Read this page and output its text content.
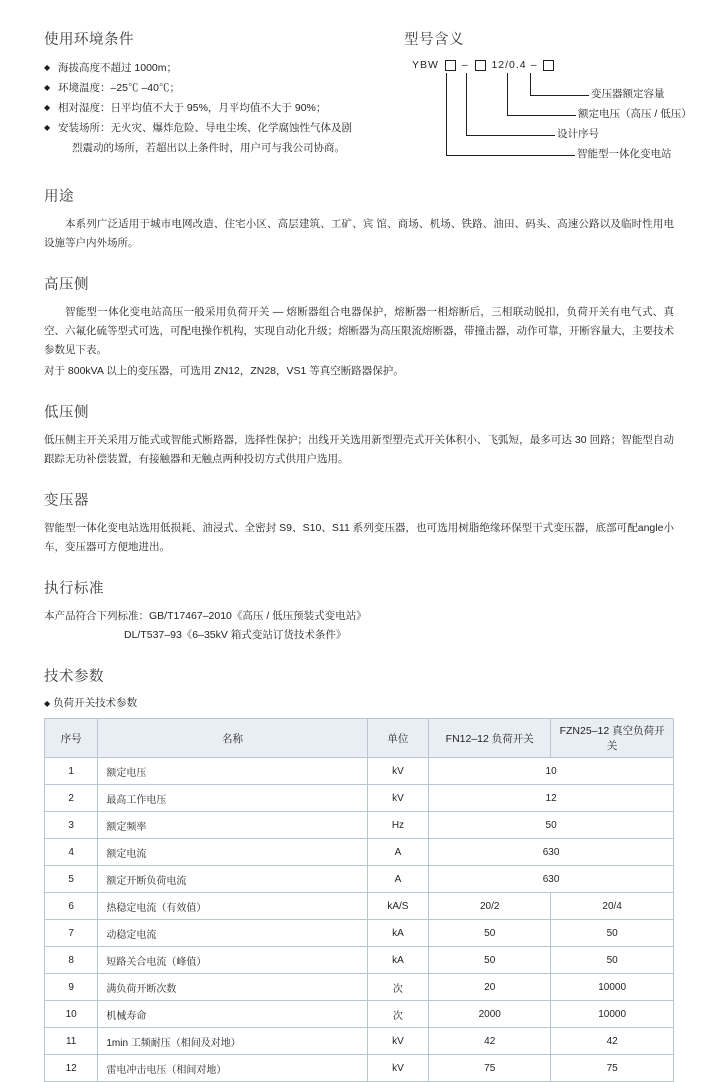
使用环境条件
◆ 海拔高度不超过 1000m；
◆ 环境温度：–25℃ –40℃；
◆ 相对湿度：日平均值不大于 95%，月平均值不大于 90%；
◆ 安装场所：无火灾、爆炸危险、导电尘埃、化学腐蚀性气体及剧
烈震动的场所，若超出以上条件时，用户可与我公司协商。
型号含义
YBW – 12/0.4 –
变压器额定容量
额定电压（高压 / 低压）
设计序号
智能型一体化变电站
用途

本系列广泛适用于城市电网改造、住宅小区、高层建筑、工矿、宾 馆、商场、机场、铁路、油田、码头、高速公路以及临时性用电设施等户内外场所。

高压侧

智能型一体化变电站高压一般采用负荷开关 — 熔断器组合电器保护，熔断器一相熔断后，三相联动脱扣，负荷开关有电气式、真空、六氟化硫等型式可选，可配电操作机构，实现自动化升级；熔断器为高压限流熔断器，带撞击器，动作可靠，开断容量大，主要技术参数见下表。

对于 800kVA 以上的变压器，可选用 ZN12，ZN28，VS1 等真空断路器保护。

低压侧

低压侧主开关采用万能式或智能式断路器，选择性保护；出线开关选用新型塑壳式开关体积小、飞弧短，最多可达 30 回路；智能型自动跟踪无功补偿装置，有接触器和无触点两种投切方式供用户选用。

变压器

智能型一体化变电站选用低损耗、油浸式、全密封 S9、S10、S11 系列变压器，也可选用树脂绝缘环保型干式变压器，底部可配angle小车，变压器可方便地进出。

执行标准
本产品符合下列标准：GB/T17467–2010《高压 / 低压预装式变电站》
DL/T537–93《6–35kV 箱式变站订货技术条件》
技术参数
◆ 负荷开关技术参数
序号	名称	单位	FN12–12 负荷开关	FZN25–12 真空负荷开关
1	额定电压	kV	10	
2	最高工作电压	kV	12	
3	额定频率	Hz	50	
4	额定电流	A	630	
5	额定开断负荷电流	A	630	
6	热稳定电流（有效值）	kA/S	20/2	20/4
7	动稳定电流	kA	50	50
8	短路关合电流（峰值）	kA	50	50
9	满负荷开断次数	次	20	10000
10	机械寿命	次	2000	10000
11	1min 工频耐压（相间及对地）	kV	42	42
12	雷电冲击电压（相间对地）	kV	75	75
